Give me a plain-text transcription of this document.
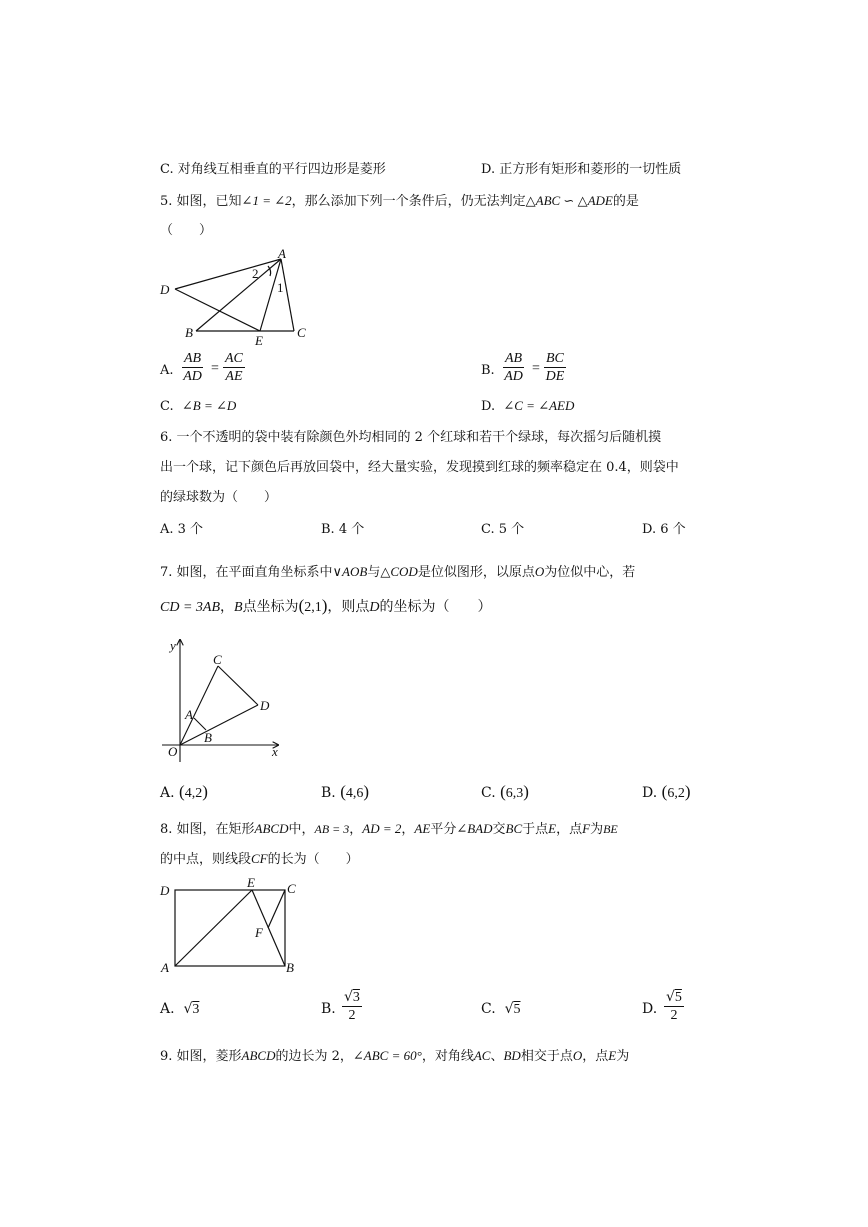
C. 对角线互相垂直的平行四边形是菱形	D. 正方形有矩形和菱形的一切性质
5. 如图，已知∠1 = ∠2，那么添加下列一个条件后，仍无法判定△ABC ∽ △ADE的是
（　　）
A
D
B
E
C
1
2
A. $\frac{AB}{AD} = \frac{AC}{AE}$	B. $\frac{AB}{AD} = \frac{BC}{DE}$
C. ∠B = ∠D	D. ∠C = ∠AED
6. 一个不透明的袋中装有除颜色外均相同的 2 个红球和若干个绿球，每次摇匀后随机摸
出一个球，记下颜色后再放回袋中，经大量实验，发现摸到红球的频率稳定在 0.4，则袋中
的绿球数为（　　）
A. 3 个	B. 4 个	C. 5 个	D. 6 个
7. 如图，在平面直角坐标系中∨AOB与△COD是位似图形，以原点O为位似中心，若
CD = 3AB，B点坐标为(2,1)，则点D的坐标为（　　）
y
x
O
A
B
C
D
A. (4,2)	B. (4,6)	C. (6,3)	D. (6,2)
8. 如图，在矩形ABCD中，AB = 3，AD = 2，AE平分∠BAD交BC于点E，点F为BE
的中点，则线段CF的长为（　　）
D
E C
F
A	B
A. √3	B. $\frac{√3}{2}$	C. √5	D. $\frac{√5}{2}$
9. 如图，菱形ABCD的边长为 2，∠ABC = 60°，对角线AC、BD相交于点O，点E为
